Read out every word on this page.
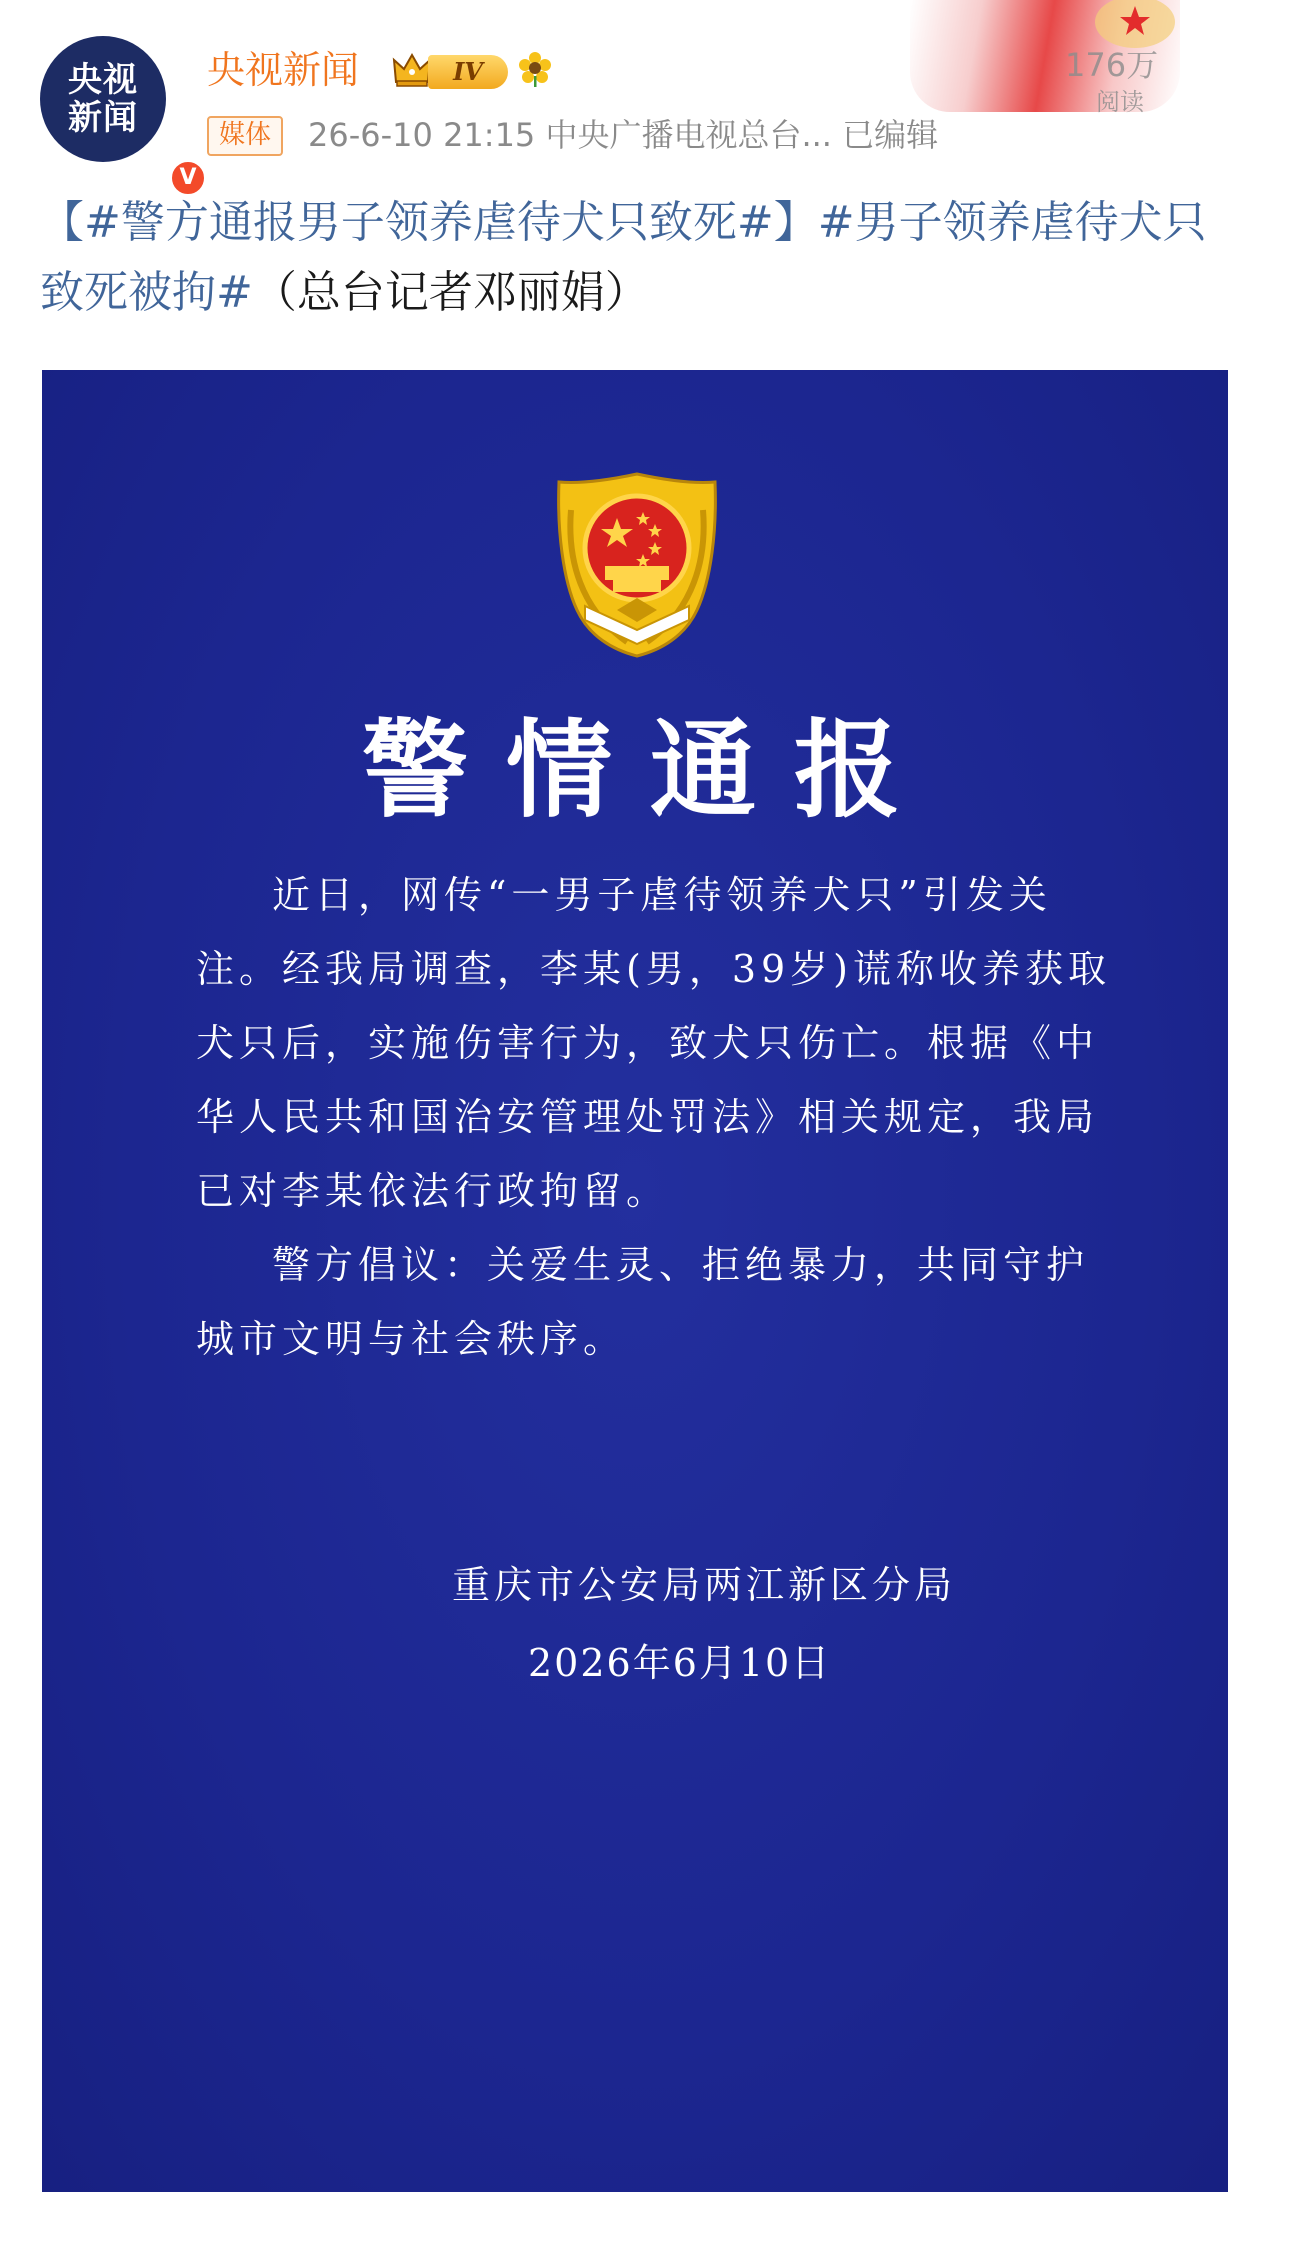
央视
新闻
V
央视新闻	IV
媒体	26-6-10 21:15 中央广播电视总台... 已编辑
176万
阅读
【#警方通报男子领养虐待犬只致死#】#男子领养虐待犬只致死被拘#（总台记者邓丽娟）
警情通报

近日，网传“一男子虐待领养犬只”引发关注。经我局调查，李某(男，39岁)谎称收养获取犬只后，实施伤害行为，致犬只伤亡。根据《中华人民共和国治安管理处罚法》相关规定，我局已对李某依法行政拘留。

警方倡议：关爱生灵、拒绝暴力，共同守护城市文明与社会秩序。

重庆市公安局两江新区分局
2026年6月10日
